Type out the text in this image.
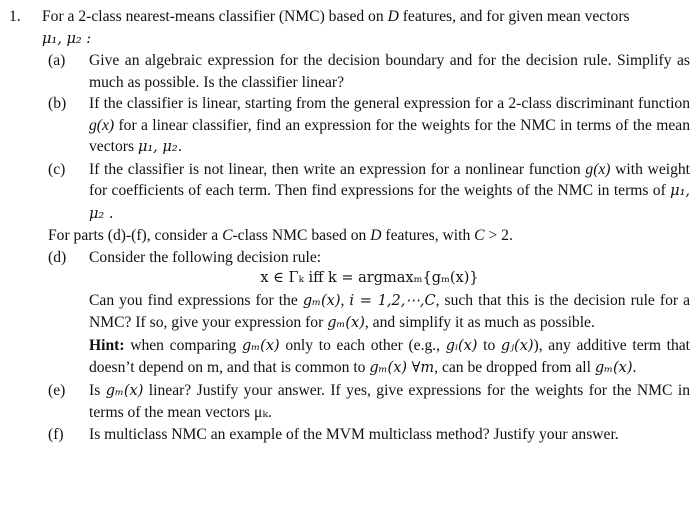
1. For a 2-class nearest-means classifier (NMC) based on D features, and for given mean vectors
μ₁, μ₂ :
(a) Give an algebraic expression for the decision boundary and for the decision rule. Simplify as much as possible. Is the classifier linear?
(b) If the classifier is linear, starting from the general expression for a 2-class discriminant function g(x) for a linear classifier, find an expression for the weights for the NMC in terms of the mean vectors μ₁, μ₂.
(c) If the classifier is not linear, then write an expression for a nonlinear function g(x) with weight for coefficients of each term. Then find expressions for the weights of the NMC in terms of μ₁, μ₂ .
For parts (d)-(f), consider a C-class NMC based on D features, with C > 2.
(d) Consider the following decision rule:
x ∈ Γₖ iff k = argmaxₘ{gₘ(x)}
Can you find expressions for the gₘ(x), i = 1,2,⋯,C, such that this is the decision rule for a NMC? If so, give your expression for gₘ(x), and simplify it as much as possible.
Hint: when comparing gₘ(x) only to each other (e.g., gᵢ(x) to gⱼ(x)), any additive term that doesn’t depend on m, and that is common to gₘ(x) ∀m, can be dropped from all gₘ(x).
(e) Is gₘ(x) linear? Justify your answer. If yes, give expressions for the weights for the NMC in terms of the mean vectors μₖ.
(f) Is multiclass NMC an example of the MVM multiclass method? Justify your answer.
